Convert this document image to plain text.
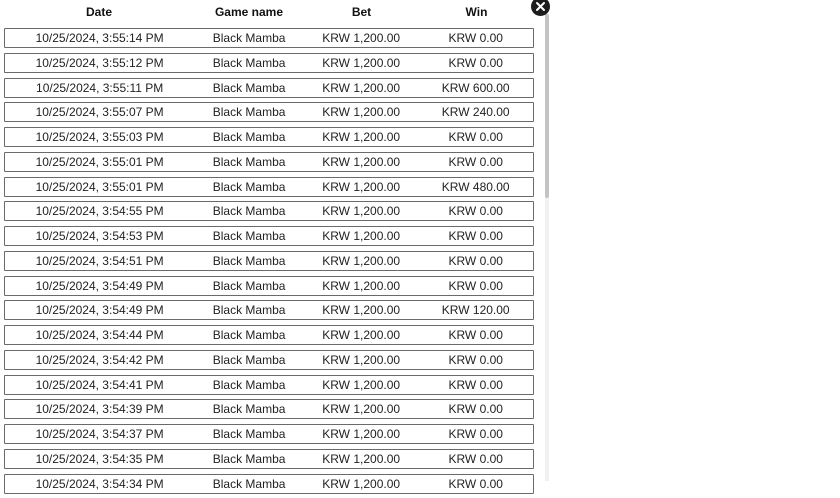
Date	Game name	Bet	Win
10/25/2024, 3:55:14 PM	Black Mamba	KRW 1,200.00	KRW 0.00
10/25/2024, 3:55:12 PM	Black Mamba	KRW 1,200.00	KRW 0.00
10/25/2024, 3:55:11 PM	Black Mamba	KRW 1,200.00	KRW 600.00
10/25/2024, 3:55:07 PM	Black Mamba	KRW 1,200.00	KRW 240.00
10/25/2024, 3:55:03 PM	Black Mamba	KRW 1,200.00	KRW 0.00
10/25/2024, 3:55:01 PM	Black Mamba	KRW 1,200.00	KRW 0.00
10/25/2024, 3:55:01 PM	Black Mamba	KRW 1,200.00	KRW 480.00
10/25/2024, 3:54:55 PM	Black Mamba	KRW 1,200.00	KRW 0.00
10/25/2024, 3:54:53 PM	Black Mamba	KRW 1,200.00	KRW 0.00
10/25/2024, 3:54:51 PM	Black Mamba	KRW 1,200.00	KRW 0.00
10/25/2024, 3:54:49 PM	Black Mamba	KRW 1,200.00	KRW 0.00
10/25/2024, 3:54:49 PM	Black Mamba	KRW 1,200.00	KRW 120.00
10/25/2024, 3:54:44 PM	Black Mamba	KRW 1,200.00	KRW 0.00
10/25/2024, 3:54:42 PM	Black Mamba	KRW 1,200.00	KRW 0.00
10/25/2024, 3:54:41 PM	Black Mamba	KRW 1,200.00	KRW 0.00
10/25/2024, 3:54:39 PM	Black Mamba	KRW 1,200.00	KRW 0.00
10/25/2024, 3:54:37 PM	Black Mamba	KRW 1,200.00	KRW 0.00
10/25/2024, 3:54:35 PM	Black Mamba	KRW 1,200.00	KRW 0.00
10/25/2024, 3:54:34 PM	Black Mamba	KRW 1,200.00	KRW 0.00
